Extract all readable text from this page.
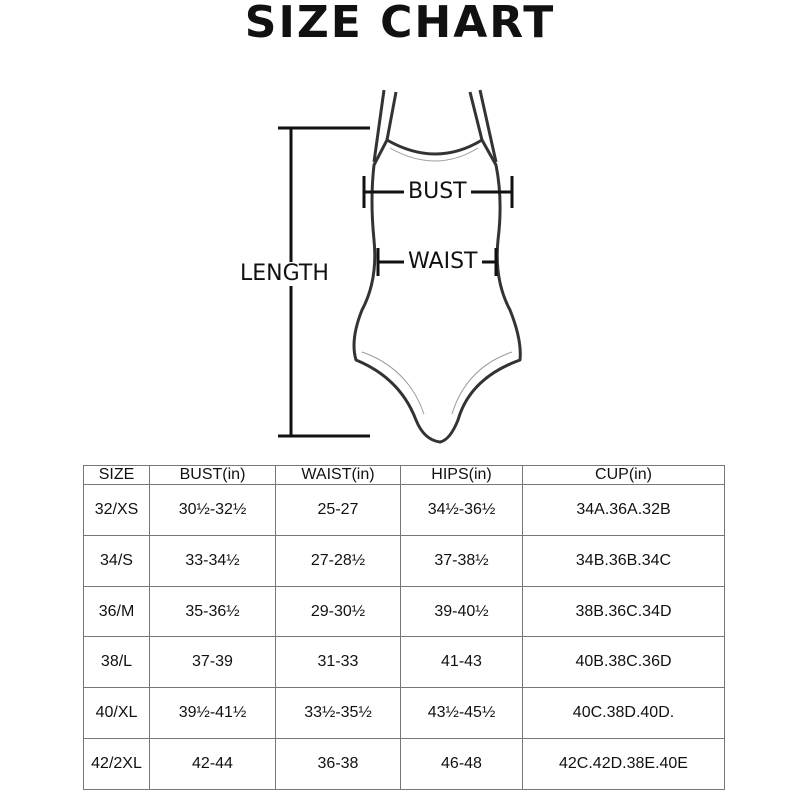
SIZE CHART
BUST
WAIST
LENGTH
SIZE	BUST(in)	WAIST(in)	HIPS(in)	CUP(in)
32/XS	30½-32½	25-27	34½-36½	34A.36A.32B
34/S	33-34½	27-28½	37-38½	34B.36B.34C
36/M	35-36½	29-30½	39-40½	38B.36C.34D
38/L	37-39	31-33	41-43	40B.38C.36D
40/XL	39½-41½	33½-35½	43½-45½	40C.38D.40D.
42/2XL	42-44	36-38	46-48	42C.42D.38E.40E
